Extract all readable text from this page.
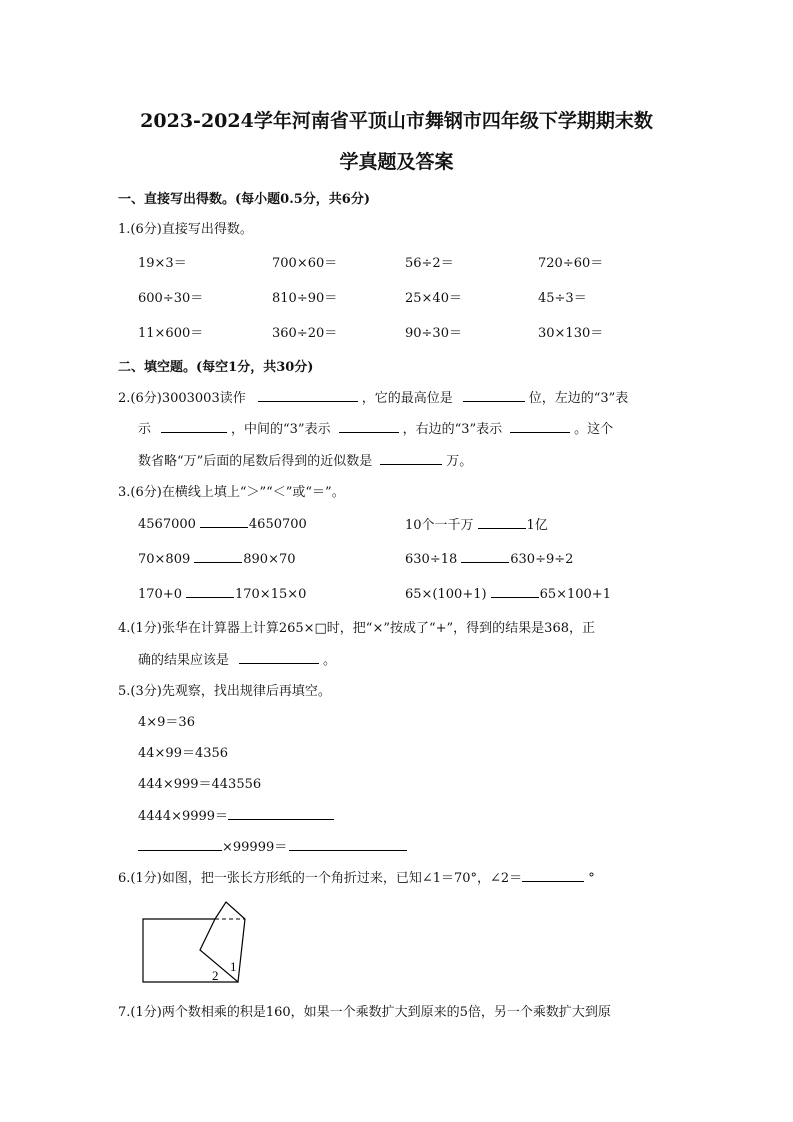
2023-2024学年河南省平顶山市舞钢市四年级下学期期末数
学真题及答案
一、直接写出得数。(每小题0.5分，共6分)
1.(6分)直接写出得数。
二、填空题。(每空1分，共30分)
2.(6分)3003003读作	，它的最高位是	位，左边的“3”表
示	，中间的“3”表示	，右边的“3”表示	。这个
数省略“万”后面的尾数后得到的近似数是	万。
3.(6分)在横线上填上“＞”“＜”或“＝”。
4.(1分)张华在计算器上计算265×□时，把“×”按成了“+”，得到的结果是368，正
确的结果应该是	。
5.(3分)先观察，找出规律后再填空。
4×9＝36
44×99＝4356
444×999＝443556
4444×9999＝
×99999＝
6.(1分)如图，把一张长方形纸的一个角折过来，已知∠1＝70°，∠2＝	°
2
1
7.(1分)两个数相乘的积是160，如果一个乘数扩大到原来的5倍，另一个乘数扩大到原
19×3＝	700×60＝	56÷2＝	720÷60＝
600÷30＝	810÷90＝	25×40＝	45÷3＝
11×600＝	360÷20＝	90÷30＝	30×130＝
4567000	4650700	10个一千万	1亿
70×809	890×70	630÷18	630÷9÷2
170+0	170×15×0	65×(100+1)	65×100+1
